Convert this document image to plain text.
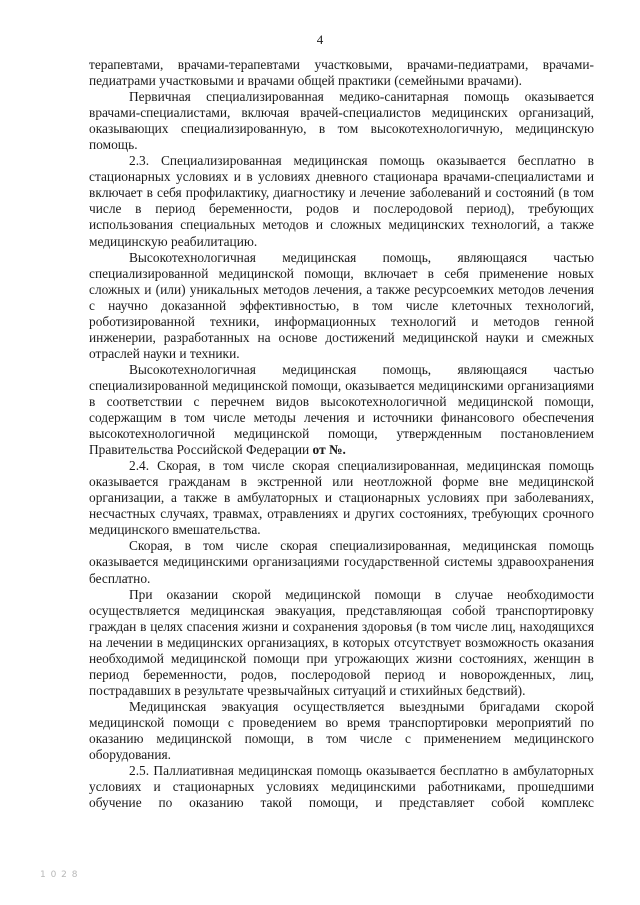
4

терапевтами, врачами-терапевтами участковыми, врачами-педиатрами, врачами-педиатрами участковыми и врачами общей практики (семейными врачами).

Первичная специализированная медико-санитарная помощь оказывается врачами-специалистами, включая врачей-специалистов медицинских организаций, оказывающих специализированную, в том высокотехнологичную, медицинскую помощь.

2.3. Специализированная медицинская помощь оказывается бесплатно в стационарных условиях и в условиях дневного стационара врачами-специалистами и включает в себя профилактику, диагностику и лечение заболеваний и состояний (в том числе в период беременности, родов и послеродовой период), требующих использования специальных методов и сложных медицинских технологий, а также медицинскую реабилитацию.

Высокотехнологичная медицинская помощь, являющаяся частью специализированной медицинской помощи, включает в себя применение новых сложных и (или) уникальных методов лечения, а также ресурсоемких методов лечения с научно доказанной эффективностью, в том числе клеточных технологий, роботизированной техники, информационных технологий и методов генной инженерии, разработанных на основе достижений медицинской науки и смежных отраслей науки и техники.

Высокотехнологичная медицинская помощь, являющаяся частью специализированной медицинской помощи, оказывается медицинскими организациями в соответствии с перечнем видов высокотехнологичной медицинской помощи, содержащим в том числе методы лечения и источники финансового обеспечения высокотехнологичной медицинской помощи, утвержденным постановлением Правительства Российской Федерации от №.

2.4. Скорая, в том числе скорая специализированная, медицинская помощь оказывается гражданам в экстренной или неотложной форме вне медицинской организации, а также в амбулаторных и стационарных условиях при заболеваниях, несчастных случаях, травмах, отравлениях и других состояниях, требующих срочного медицинского вмешательства.

Скорая, в том числе скорая специализированная, медицинская помощь оказывается медицинскими организациями государственной системы здравоохранения бесплатно.

При оказании скорой медицинской помощи в случае необходимости осуществляется медицинская эвакуация, представляющая собой транспортировку граждан в целях спасения жизни и сохранения здоровья (в том числе лиц, находящихся на лечении в медицинских организациях, в которых отсутствует возможность оказания необходимой медицинской помощи при угрожающих жизни состояниях, женщин в период беременности, родов, послеродовой период и новорожденных, лиц, пострадавших в результате чрезвычайных ситуаций и стихийных бедствий).

Медицинская эвакуация осуществляется выездными бригадами скорой медицинской помощи с проведением во время транспортировки мероприятий по оказанию медицинской помощи, в том числе с применением медицинского оборудования.

2.5. Паллиативная медицинская помощь оказывается бесплатно в амбулаторных условиях и стационарных условиях медицинскими работниками, прошедшими обучение по оказанию такой помощи, и представляет собой комплекс

1 0 2 8
